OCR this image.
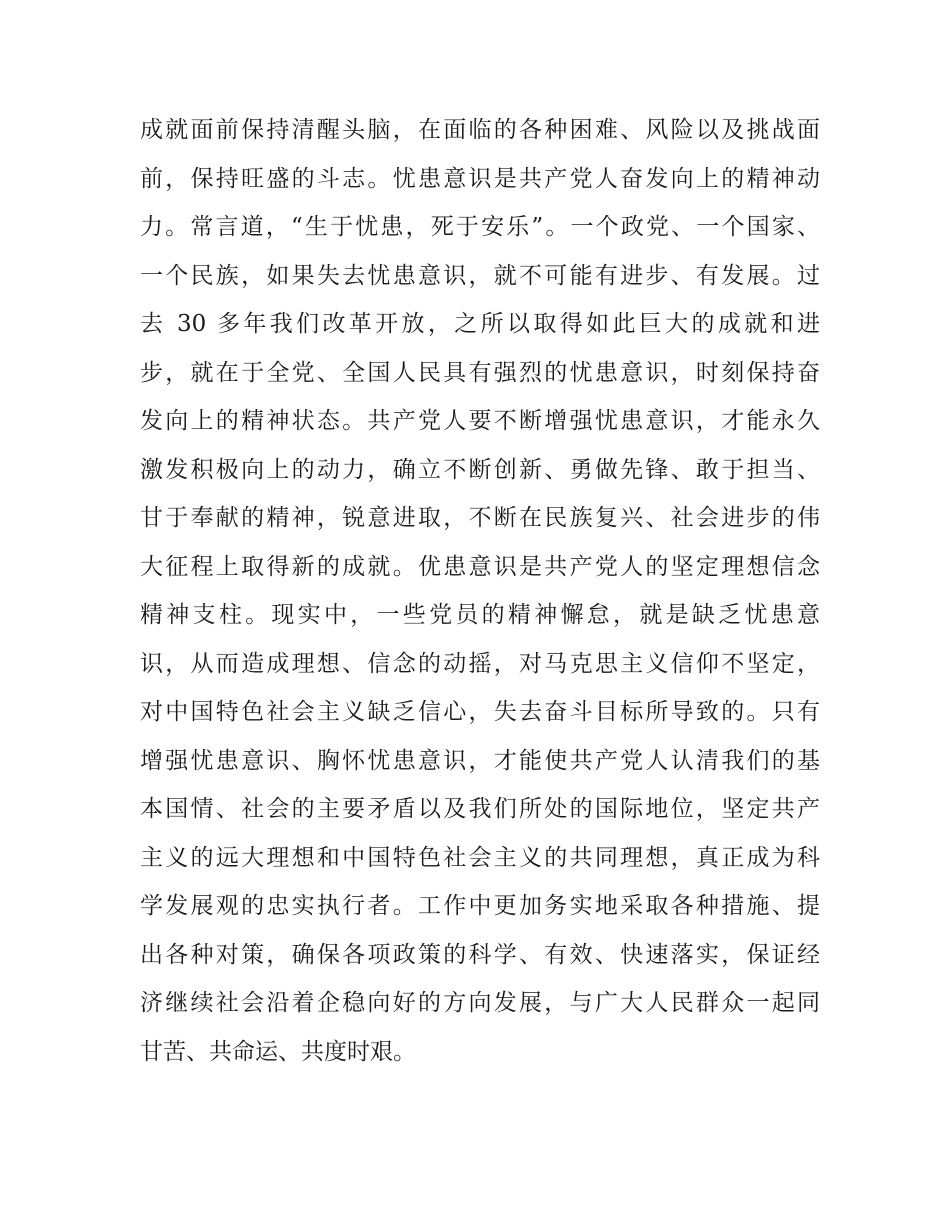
成就面前保持清醒头脑，在面临的各种困难、风险以及挑战面
前，保持旺盛的斗志。忧患意识是共产党人奋发向上的精神动
力。常言道，“生于忧患，死于安乐”。一个政党、一个国家、
一个民族，如果失去忧患意识，就不可能有进步、有发展。过
去 30 多年我们改革开放，之所以取得如此巨大的成就和进
步，就在于全党、全国人民具有强烈的忧患意识，时刻保持奋
发向上的精神状态。共产党人要不断增强忧患意识，才能永久
激发积极向上的动力，确立不断创新、勇做先锋、敢于担当、
甘于奉献的精神，锐意进取，不断在民族复兴、社会进步的伟
大征程上取得新的成就。优患意识是共产党人的坚定理想信念
精神支柱。现实中，一些党员的精神懈怠，就是缺乏忧患意
识，从而造成理想、信念的动摇，对马克思主义信仰不坚定，
对中国特色社会主义缺乏信心，失去奋斗目标所导致的。只有
增强忧患意识、胸怀忧患意识，才能使共产党人认清我们的基
本国情、社会的主要矛盾以及我们所处的国际地位，坚定共产
主义的远大理想和中国特色社会主义的共同理想，真正成为科
学发展观的忠实执行者。工作中更加务实地采取各种措施、提
出各种对策，确保各项政策的科学、有效、快速落实，保证经
济继续社会沿着企稳向好的方向发展，与广大人民群众一起同
甘苦、共命运、共度时艰。
